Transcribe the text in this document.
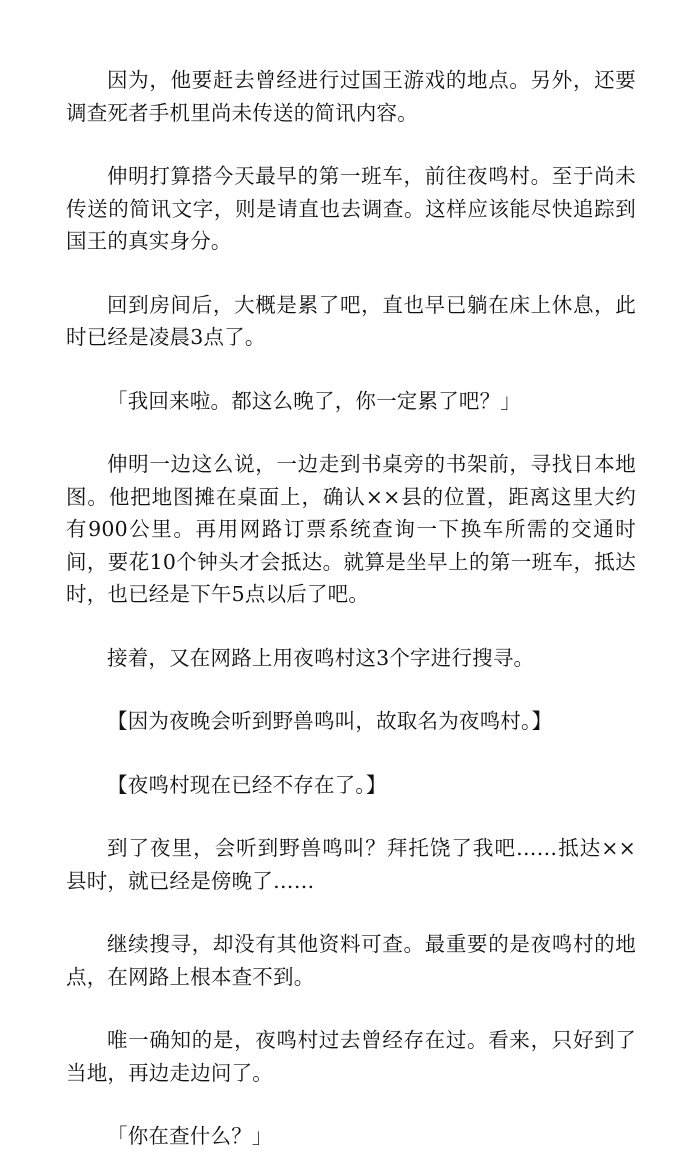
因为，他要赶去曾经进行过国王游戏的地点。另外，还要调查死者手机里尚未传送的简讯内容。

伸明打算搭今天最早的第一班车，前往夜鸣村。至于尚未传送的简讯文字，则是请直也去调查。这样应该能尽快追踪到国王的真实身分。

回到房间后，大概是累了吧，直也早已躺在床上休息，此时已经是凌晨3点了。

「我回来啦。都这么晚了，你一定累了吧？」

伸明一边这么说，一边走到书桌旁的书架前，寻找日本地图。他把地图摊在桌面上，确认××县的位置，距离这里大约有900公里。再用网路订票系统查询一下换车所需的交通时间，要花10个钟头才会抵达。就算是坐早上的第一班车，抵达时，也已经是下午5点以后了吧。

接着，又在网路上用夜鸣村这3个字进行搜寻。

【因为夜晚会听到野兽鸣叫，故取名为夜鸣村。】

【夜鸣村现在已经不存在了。】

到了夜里，会听到野兽鸣叫？拜托饶了我吧……抵达××县时，就已经是傍晚了……

继续搜寻，却没有其他资料可查。最重要的是夜鸣村的地点，在网路上根本查不到。

唯一确知的是，夜鸣村过去曾经存在过。看来，只好到了当地，再边走边问了。

「你在查什么？」
